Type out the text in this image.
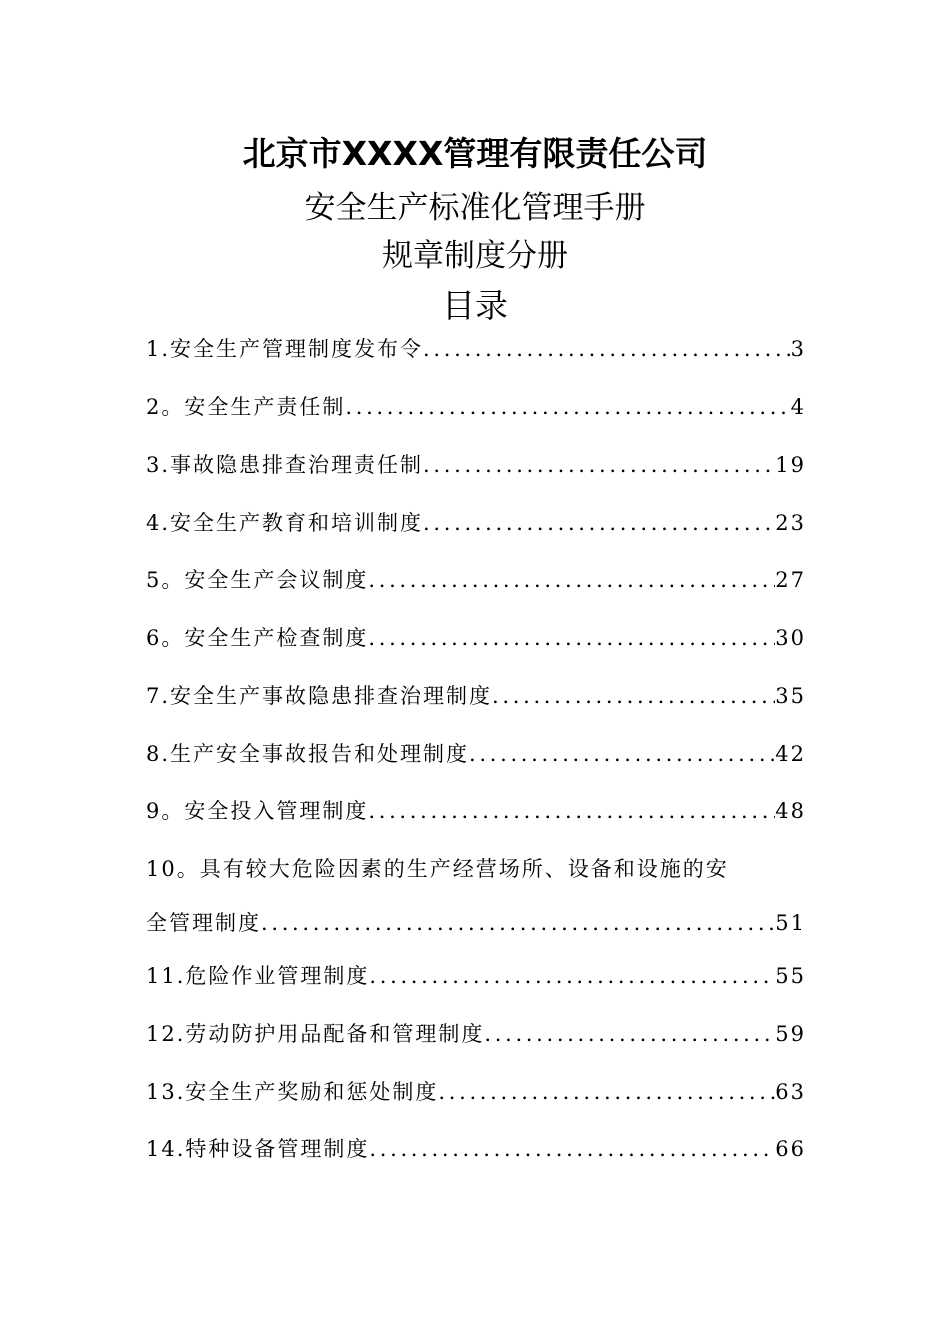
北京市XXXX管理有限责任公司
安全生产标准化管理手册
规章制度分册
目录
1.安全生产管理制度发布令 . . .	3
2。安全生产责任制 . . .	4
3.事故隐患排查治理责任制 . . .	19
4.安全生产教育和培训制度 . . .	23
5。安全生产会议制度 . . .	27
6。安全生产检查制度 . . .	30
7.安全生产事故隐患排查治理制度 . . .	35
8.生产安全事故报告和处理制度 . . .	42
9。安全投入管理制度 . . .	48
10。具有较大危险因素的生产经营场所、设备和设施的安
全管理制度 . . .	51
11.危险作业管理制度 . . .	55
12.劳动防护用品配备和管理制度 . . .	59
13.安全生产奖励和惩处制度 . . .	63
14.特种设备管理制度 . . .	66
